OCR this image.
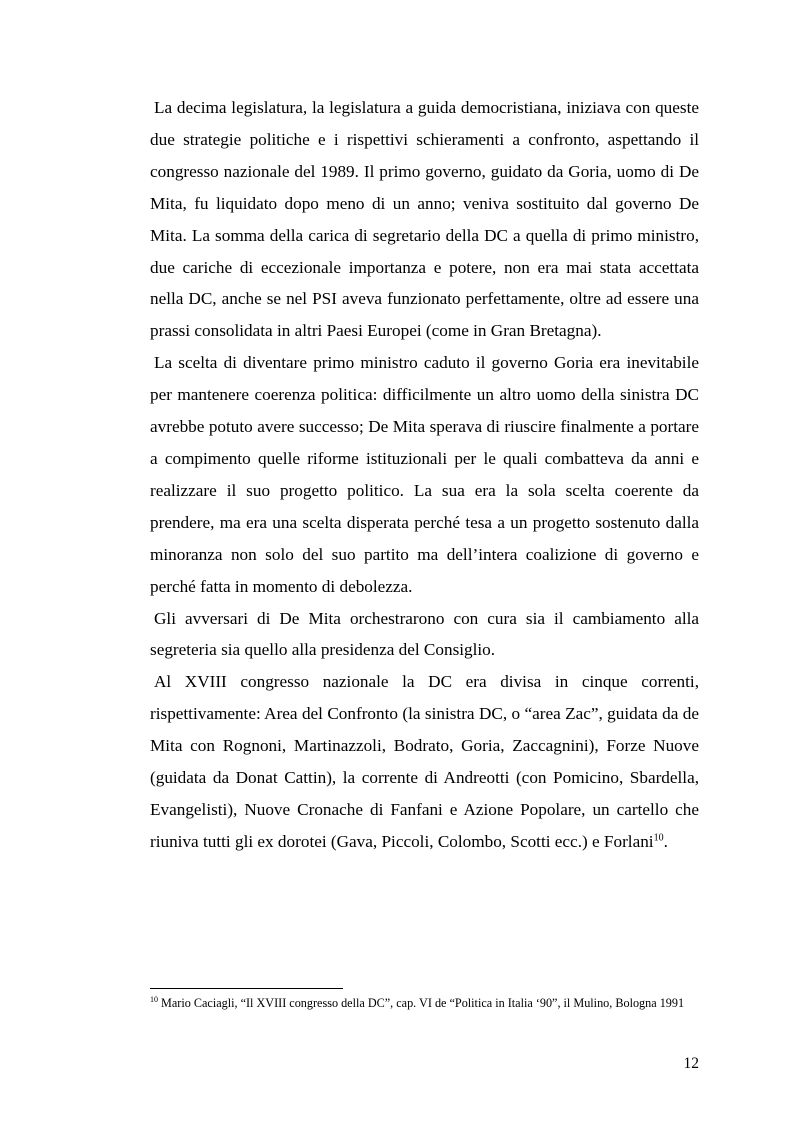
La decima legislatura, la legislatura a guida democristiana, iniziava con queste due strategie politiche e i rispettivi schieramenti a confronto, aspettando il congresso nazionale del 1989. Il primo governo, guidato da Goria, uomo di De Mita, fu liquidato dopo meno di un anno; veniva sostituito dal governo De Mita. La somma della carica di segretario della DC a quella di primo ministro, due cariche di eccezionale importanza e potere, non era mai stata accettata nella DC, anche se nel PSI aveva funzionato perfettamente, oltre ad essere una prassi consolidata in altri Paesi Europei (come in Gran Bretagna).

La scelta di diventare primo ministro caduto il governo Goria era inevitabile per mantenere coerenza politica: difficilmente un altro uomo della sinistra DC avrebbe potuto avere successo; De Mita sperava di riuscire finalmente a portare a compimento quelle riforme istituzionali per le quali combatteva da anni e realizzare il suo progetto politico. La sua era la sola scelta coerente da prendere, ma era una scelta disperata perché tesa a un progetto sostenuto dalla minoranza non solo del suo partito ma dell’intera coalizione di governo e perché fatta in momento di debolezza.

Gli avversari di De Mita orchestrarono con cura sia il cambiamento alla segreteria sia quello alla presidenza del Consiglio.

Al XVIII congresso nazionale la DC era divisa in cinque correnti, rispettivamente: Area del Confronto (la sinistra DC, o “area Zac”, guidata da de Mita con Rognoni, Martinazzoli, Bodrato, Goria, Zaccagnini), Forze Nuove (guidata da Donat Cattin), la corrente di Andreotti (con Pomicino, Sbardella, Evangelisti), Nuove Cronache di Fanfani e Azione Popolare, un cartello che riuniva tutti gli ex dorotei (Gava, Piccoli, Colombo, Scotti ecc.) e Forlani$^{10}$.

$^{10}$ Mario Caciagli, “Il XVIII congresso della DC”, cap. VI de “Politica in Italia ‘90”, il Mulino, Bologna 1991
12
